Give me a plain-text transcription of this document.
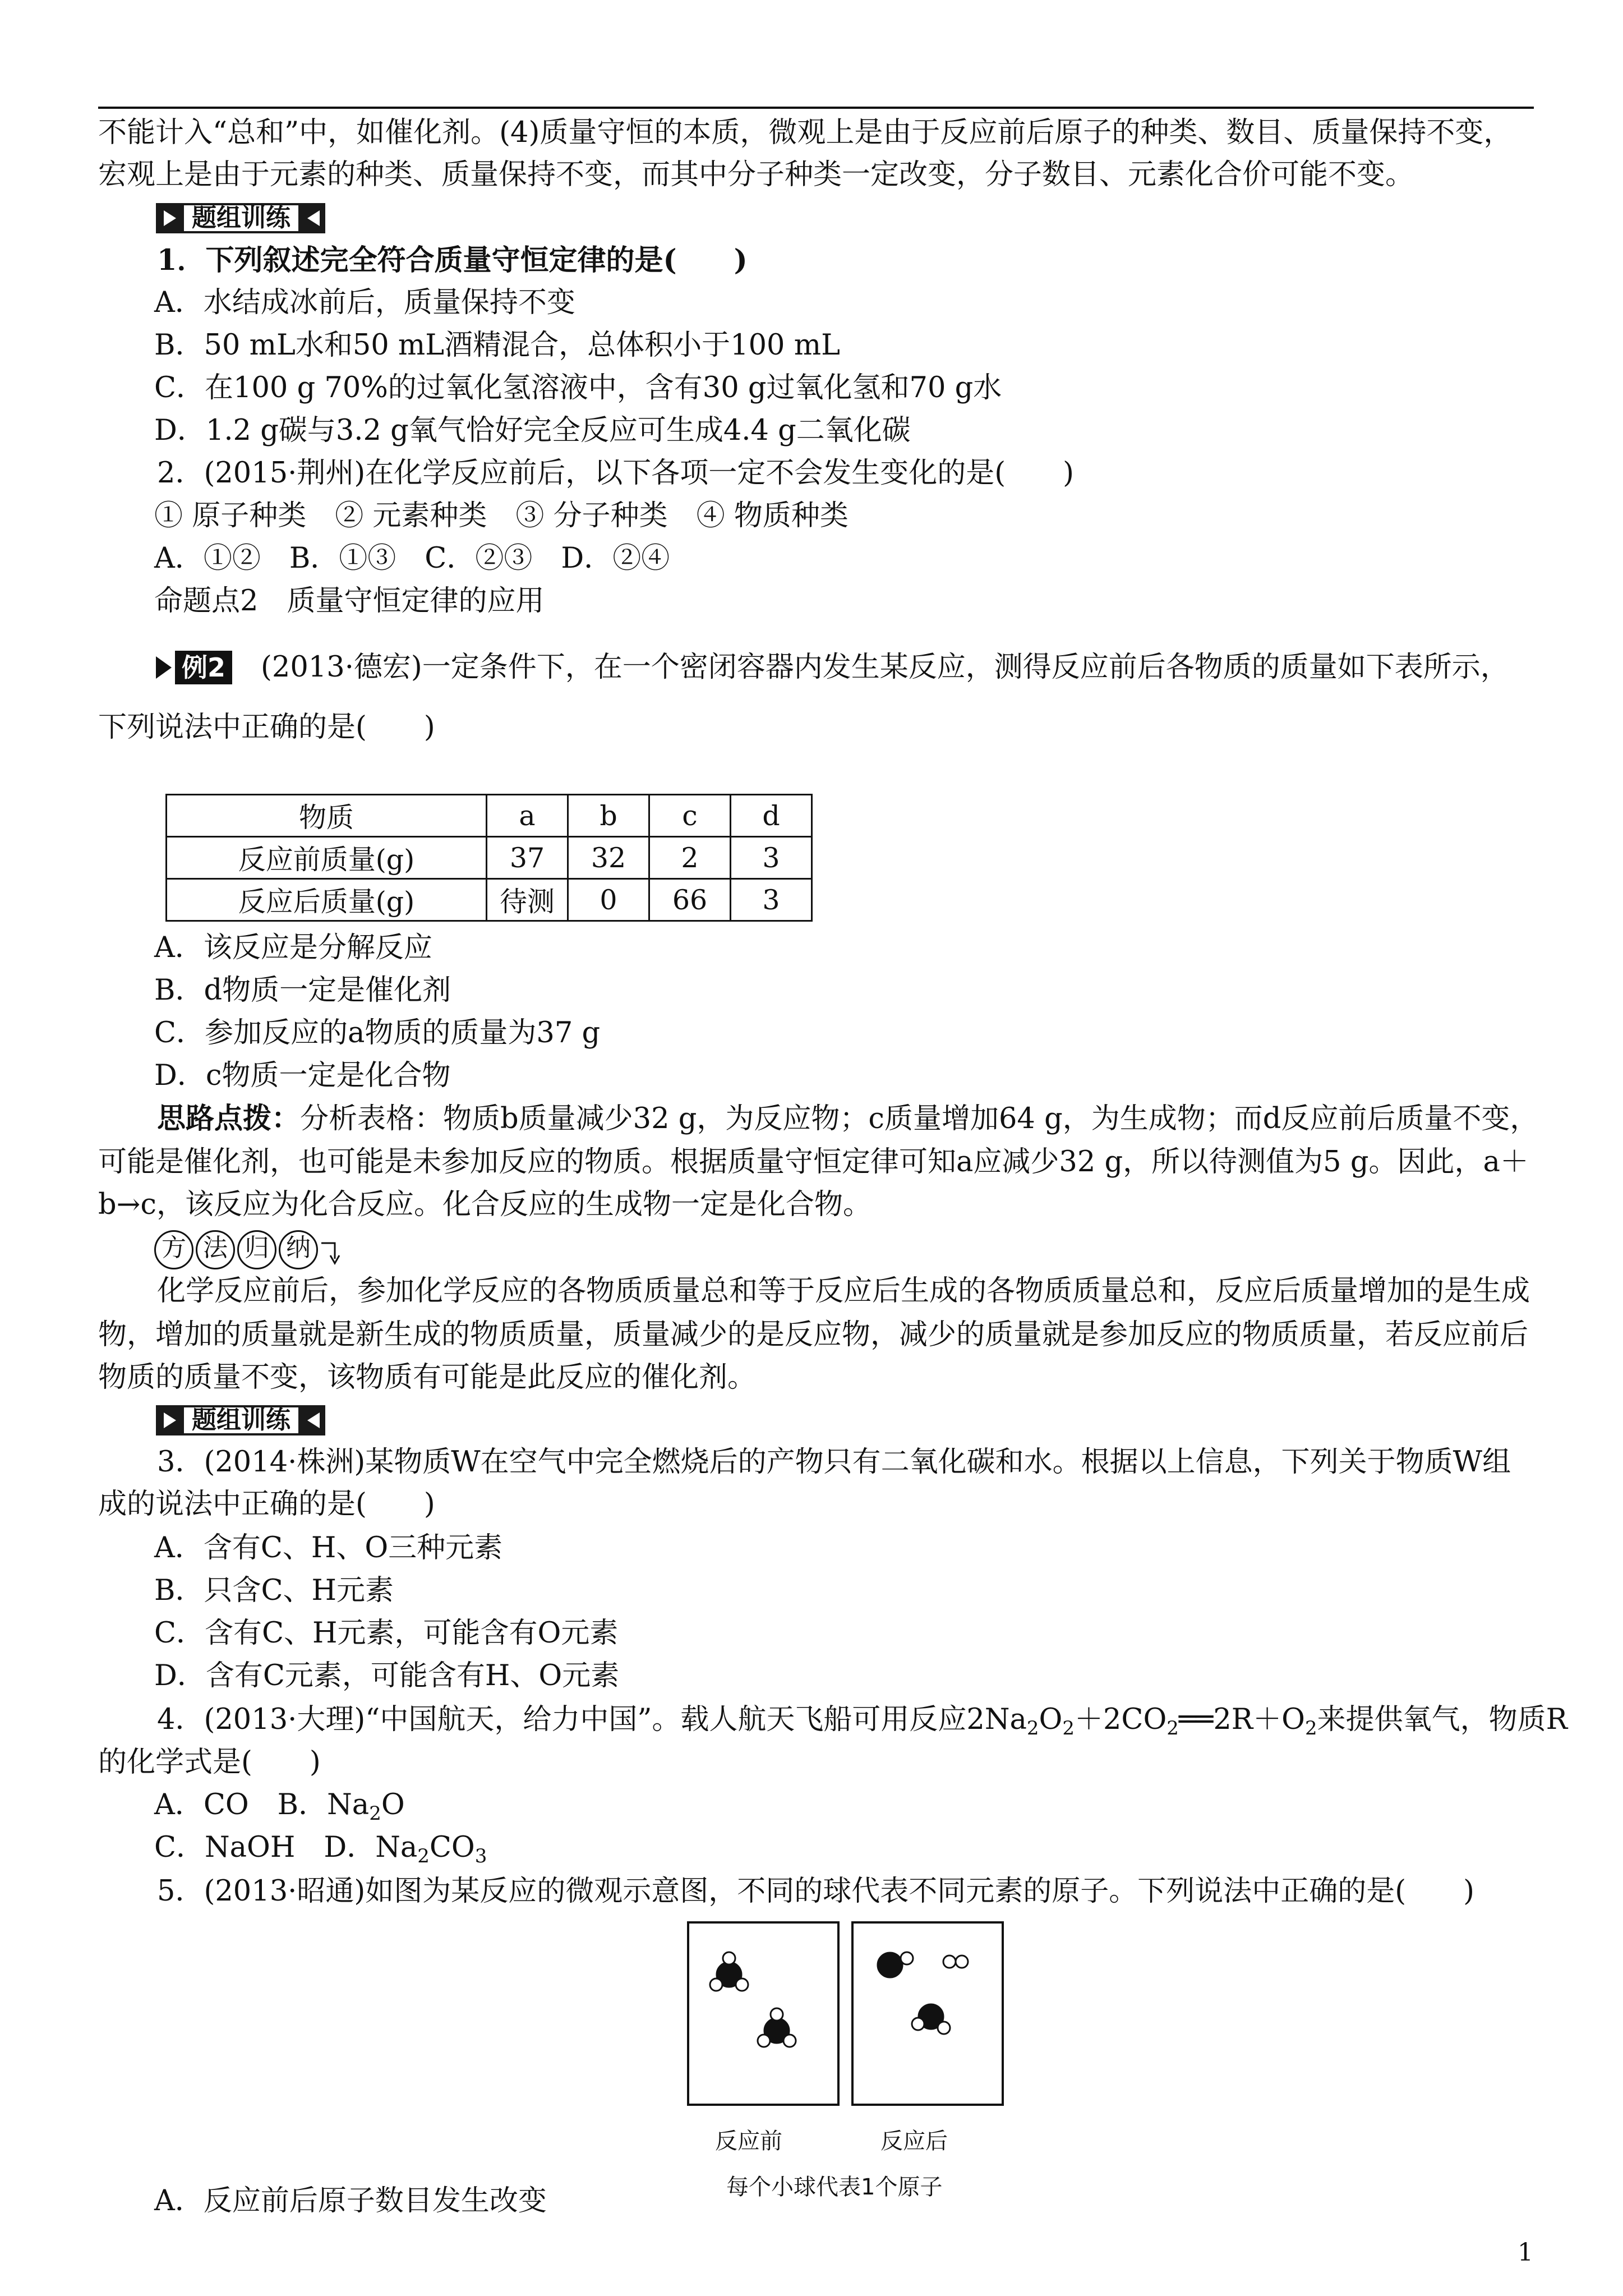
不能计入“总和”中，如催化剂。(4)质量守恒的本质，微观上是由于反应前后原子的种类、数目、质量保持不变，
宏观上是由于元素的种类、质量保持不变，而其中分子种类一定改变，分子数目、元素化合价可能不变。
题组训练
1．下列叙述完全符合质量守恒定律的是(　　)
A．水结成冰前后，质量保持不变
B．50 mL水和50 mL酒精混合，总体积小于100 mL
C．在100 g 70%的过氧化氢溶液中，含有30 g过氧化氢和70 g水
D．1.2 g碳与3.2 g氧气恰好完全反应可生成4.4 g二氧化碳
2．(2015·荆州)在化学反应前后，以下各项一定不会发生变化的是(　　)
① 原子种类　② 元素种类　③ 分子种类　④ 物质种类
A．①②　B．①③　C．②③　D．②④
命题点2　质量守恒定律的应用
例2 (2013·德宏)一定条件下，在一个密闭容器内发生某反应，测得反应前后各物质的质量如下表所示，
下列说法中正确的是(　　)
物质	a	b	c	d
反应前质量(g)	37	32	2	3
反应后质量(g)	待测	0	66	3
A．该反应是分解反应
B．d物质一定是催化剂
C．参加反应的a物质的质量为37 g
D．c物质一定是化合物
思路点拨：分析表格：物质b质量减少32 g，为反应物；c质量增加64 g，为生成物；而d反应前后质量不变，
可能是催化剂，也可能是未参加反应的物质。根据质量守恒定律可知a应减少32 g，所以待测值为5 g。因此，a＋
b→c，该反应为化合反应。化合反应的生成物一定是化合物。
方 法 归 纳
化学反应前后，参加化学反应的各物质质量总和等于反应后生成的各物质质量总和，反应后质量增加的是生成
物，增加的质量就是新生成的物质质量，质量减少的是反应物，减少的质量就是参加反应的物质质量，若反应前后
物质的质量不变，该物质有可能是此反应的催化剂。
题组训练
3．(2014·株洲)某物质W在空气中完全燃烧后的产物只有二氧化碳和水。根据以上信息，下列关于物质W组
成的说法中正确的是(　　)
A．含有C、H、O三种元素
B．只含C、H元素
C．含有C、H元素，可能含有O元素
D．含有C元素，可能含有H、O元素
4．(2013·大理)“中国航天，给力中国”。载人航天飞船可用反应$2Na_2O_2+2CO_2══2R+O_2$来提供氧气，物质R
的化学式是(　　)
A．CO　B．$Na_2O$
C．NaOH　D．$Na_2CO_3$
5．(2013·昭通)如图为某反应的微观示意图，不同的球代表不同元素的原子。下列说法中正确的是(　　)
反应前	反应后
每个小球代表1个原子
A．反应前后原子数目发生改变
1
